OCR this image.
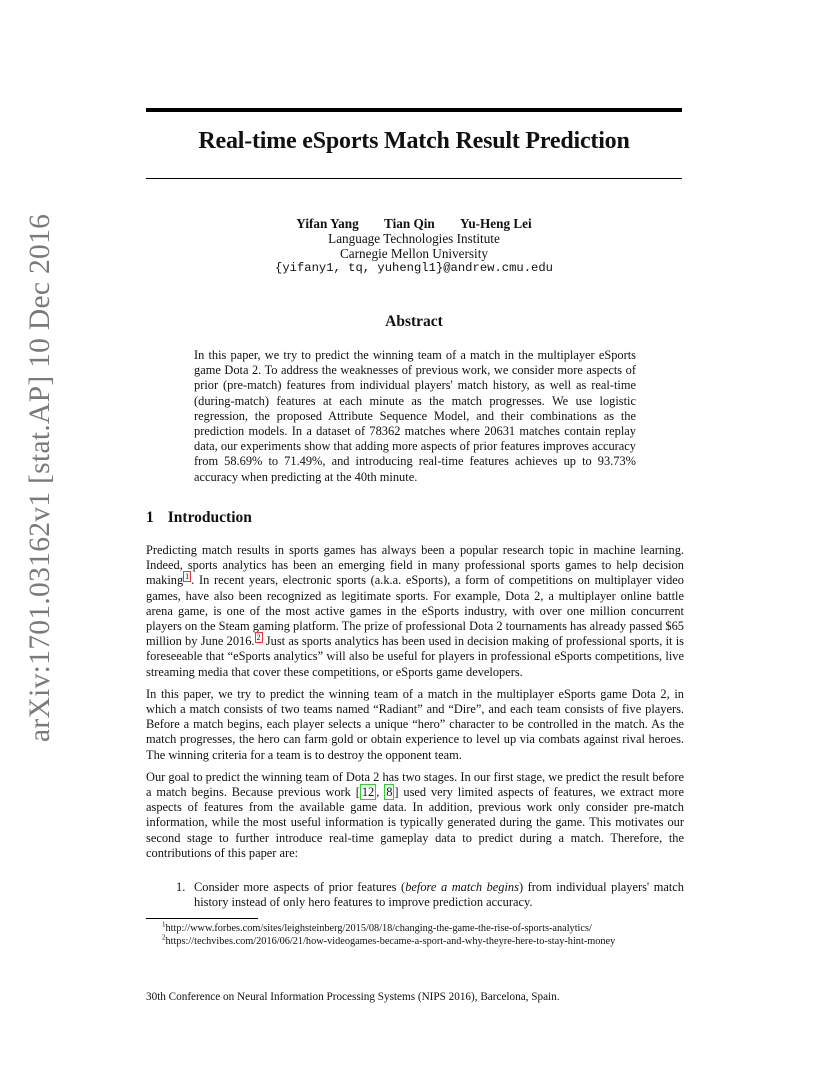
arXiv:1701.03162v1 [stat.AP] 10 Dec 2016
Real-time eSports Match Result Prediction
Yifan Yang Tian Qin Yu-Heng Lei
Language Technologies Institute
Carnegie Mellon University
{yifany1, tq, yuhengl1}@andrew.cmu.edu
Abstract

In this paper, we try to predict the winning team of a match in the multiplayer eSports game Dota 2. To address the weaknesses of previous work, we consider more aspects of prior (pre-match) features from individual players' match history, as well as real-time (during-match) features at each minute as the match progresses. We use logistic regression, the proposed Attribute Sequence Model, and their combinations as the prediction models. In a dataset of 78362 matches where 20631 matches contain replay data, our experiments show that adding more aspects of prior features improves accuracy from 58.69% to 71.49%, and introducing real-time features achieves up to 93.73% accuracy when predicting at the 40th minute.

1 Introduction

Predicting match results in sports games has always been a popular research topic in machine learning. Indeed, sports analytics has been an emerging field in many professional sports games to help decision making $^1$ . In recent years, electronic sports (a.k.a. eSports), a form of competitions on multiplayer video games, have also been recognized as legitimate sports. For example, Dota 2, a multiplayer online battle arena game, is one of the most active games in the eSports industry, with over one million concurrent players on the Steam gaming platform. The prize of professional Dota 2 tournaments has already passed $65 million by June 2016. $^2$ Just as sports analytics has been used in decision making of professional sports, it is foreseeable that “eSports analytics” will also be useful for players in professional eSports competitions, live streaming media that cover these competitions, or eSports game developers.

In this paper, we try to predict the winning team of a match in the multiplayer eSports game Dota 2, in which a match consists of two teams named “Radiant” and “Dire”, and each team consists of five players. Before a match begins, each player selects a unique “hero” character to be controlled in the match. As the match progresses, the hero can farm gold or obtain experience to level up via combats against rival heroes. The winning criteria for a team is to destroy the opponent team.

Our goal to predict the winning team of Dota 2 has two stages. In our first stage, we predict the result before a match begins. Because previous work [ 12 , 8 ] used very limited aspects of features, we extract more aspects of features from the available game data. In addition, previous work only consider pre-match information, while the most useful information is typically generated during the game. This motivates our second stage to further introduce real-time gameplay data to predict during a match. Therefore, the contributions of this paper are:

1. Consider more aspects of prior features (before a match begins) from individual players' match history instead of only hero features to improve prediction accuracy.
$^1$http://www.forbes.com/sites/leighsteinberg/2015/08/18/changing-the-game-the-rise-of-sports-analytics/
$^2$https://techvibes.com/2016/06/21/how-videogames-became-a-sport-and-why-theyre-here-to-stay-hint-money
30th Conference on Neural Information Processing Systems (NIPS 2016), Barcelona, Spain.
